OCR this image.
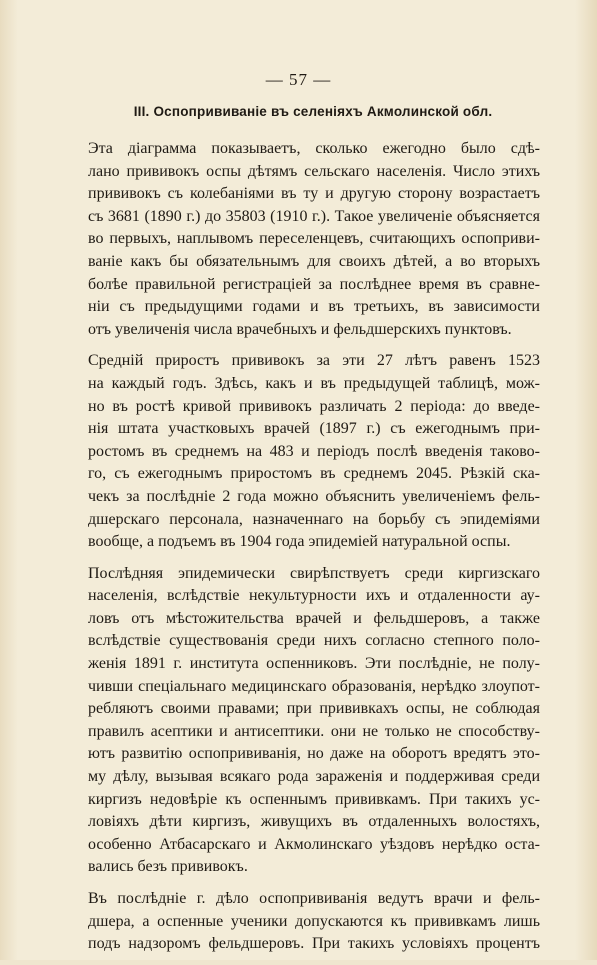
— 57 —
III. Оспопрививаніе въ селеніяхъ Акмолинской обл.
Эта діаграмма показываетъ, сколько ежегодно было сдѣ-
лано прививокъ оспы дѣтямъ сельскаго населенія. Число этихъ
прививокъ съ колебаніями въ ту и другую сторону возрастаетъ
съ 3681 (1890 г.) до 35803 (1910 г.). Такое увеличеніе объясняется
во первыхъ, наплывомъ переселенцевъ, считающихъ оспоприви-
ваніе какъ бы обязательнымъ для своихъ дѣтей, а во вторыхъ
болѣе правильной регистраціей за послѣднее время въ сравне-
ніи съ предыдущими годами и въ третьихъ, въ зависимости
отъ увеличенія числа врачебныхъ и фельдшерскихъ пунктовъ.
Среднiй приростъ прививокъ за эти 27 лѣтъ равенъ 1523
на каждый годъ. Здѣсь, какъ и въ предыдущей таблицѣ, мож-
но въ ростѣ кривой прививокъ различать 2 періода: до введе-
нія штата участковыхъ врачей (1897 г.) съ ежегоднымъ при-
ростомъ въ среднемъ на 483 и періодъ послѣ введенія таково-
го, съ ежегоднымъ приростомъ въ среднемъ 2045. Рѣзкій ска-
чекъ за послѣдніе 2 года можно объяснить увеличеніемъ фель-
дшерскаго персонала, назначеннаго на борьбу съ эпидеміями
вообще, а подъемъ въ 1904 года эпидеміей натуральной оспы.
Послѣдняя эпидемически свирѣпствуетъ среди киргизскаго
населенія, вслѣдствіе некультурности ихъ и отдаленности ау-
ловъ отъ мѣстожительства врачей и фельдшеровъ, а также
вслѣдствіе существованія среди нихъ согласно степного поло-
женія 1891 г. института оспенниковъ. Эти послѣдніе, не полу-
чивши спеціальнаго медицинскаго образованія, нерѣдко злоупот-
ребляютъ своими правами; при прививкахъ оспы, не соблюдая
правилъ асептики и антисептики. они не только не способству-
ютъ развитію оспопрививанія, но даже на оборотъ вредятъ это-
му дѣлу, вызывая всякаго рода зараженія и поддерживая среди
киргизъ недовѣріе къ оспеннымъ прививкамъ. При такихъ ус-
ловіяхъ дѣти киргизъ, живущихъ въ отдаленныхъ волостяхъ,
особенно Атбасарскаго и Акмолинскаго уѣздовъ нерѣдко оста-
вались безъ прививокъ.
Въ послѣдніе г. дѣло оспопрививанія ведутъ врачи и фель-
дшера, а оспенные ученики допускаются къ прививкамъ лишь
подъ надзоромъ фельдшеровъ. При такихъ условіяхъ процентъ
